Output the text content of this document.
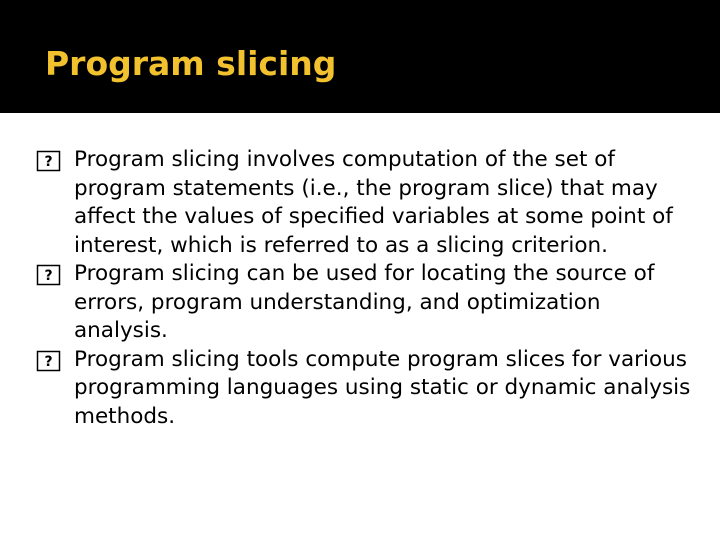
Program slicing
? Program slicing involves computation of the set of program statements (i.e., the program slice) that may affect the values of specified variables at some point of interest, which is referred to as a slicing criterion.
? Program slicing can be used for locating the source of errors, program understanding, and optimization analysis.
? Program slicing tools compute program slices for various programming languages using static or dynamic analysis methods.
